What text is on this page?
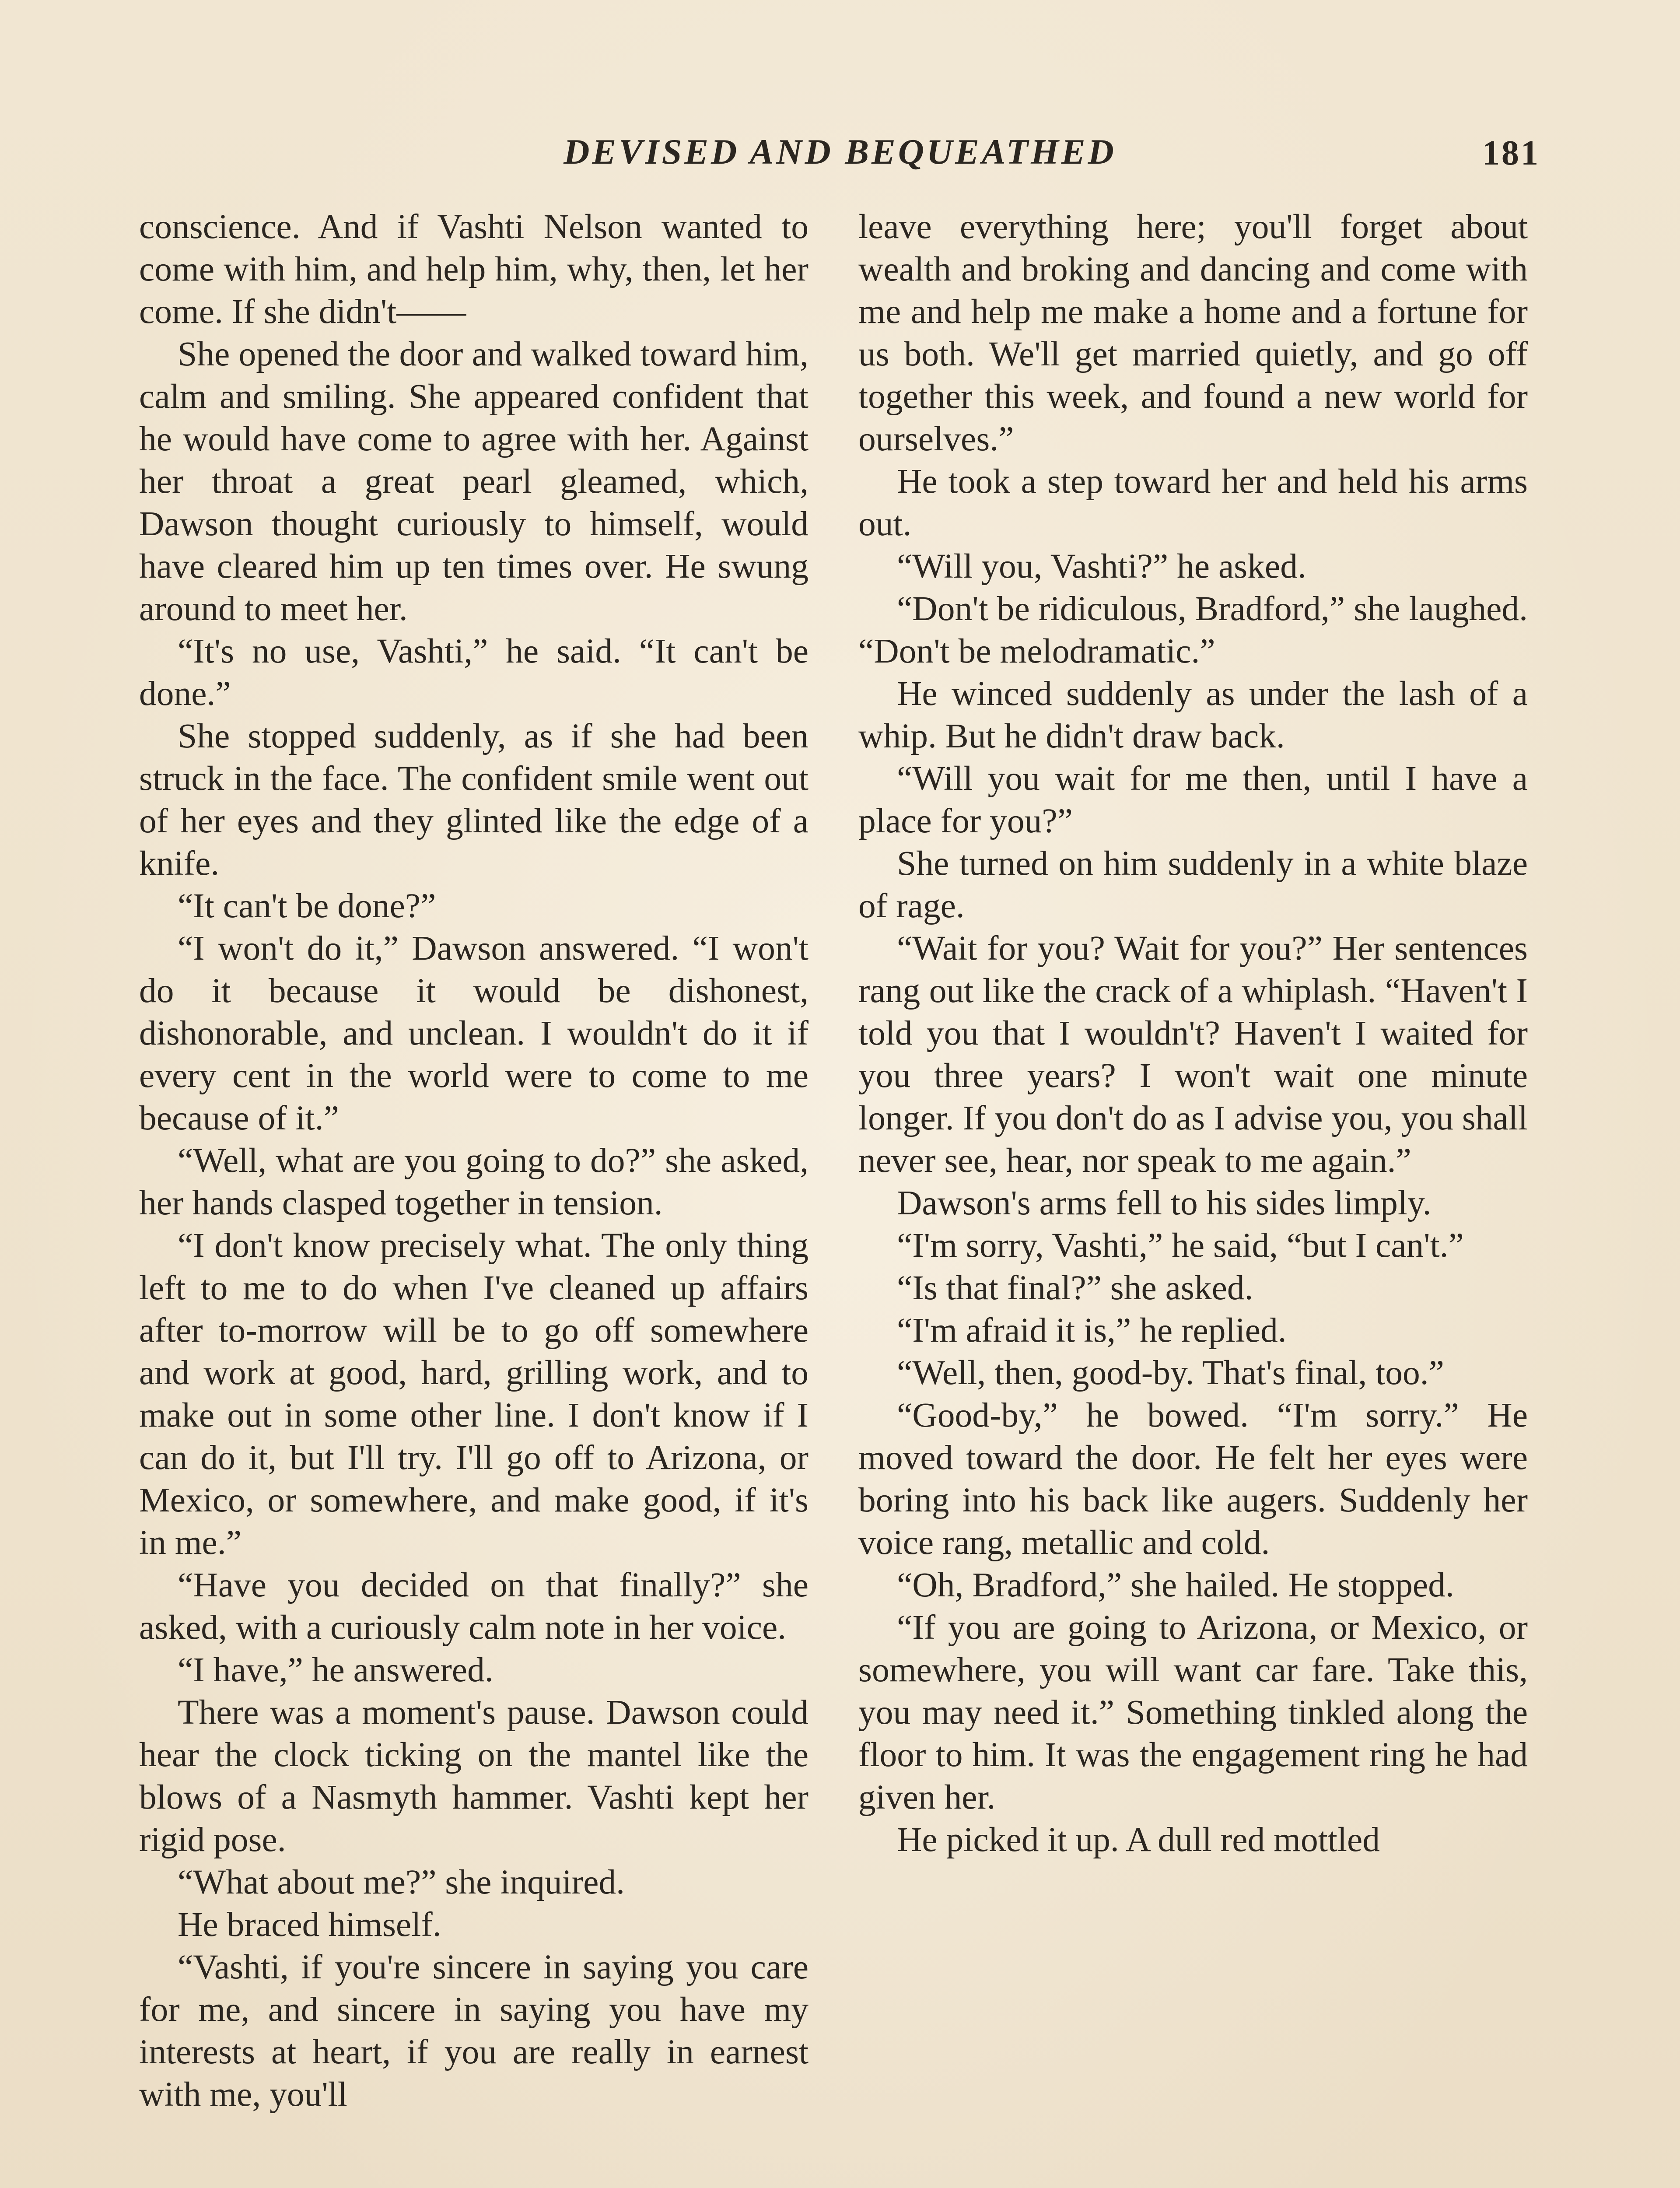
DEVISED AND BEQUEATHED	181

conscience. And if Vashti Nelson wanted to come with him, and help him, why, then, let her come. If she didn't——

She opened the door and walked toward him, calm and smiling. She appeared confident that he would have come to agree with her. Against her throat a great pearl gleamed, which, Dawson thought curiously to himself, would have cleared him up ten times over. He swung around to meet her.

“It's no use, Vashti,” he said. “It can't be done.”

She stopped suddenly, as if she had been struck in the face. The confident smile went out of her eyes and they glinted like the edge of a knife.

“It can't be done?”

“I won't do it,” Dawson answered. “I won't do it because it would be dishonest, dishonorable, and unclean. I wouldn't do it if every cent in the world were to come to me because of it.”

“Well, what are you going to do?” she asked, her hands clasped together in tension.

“I don't know precisely what. The only thing left to me to do when I've cleaned up affairs after to-morrow will be to go off somewhere and work at good, hard, grilling work, and to make out in some other line. I don't know if I can do it, but I'll try. I'll go off to Arizona, or Mexico, or somewhere, and make good, if it's in me.”

“Have you decided on that finally?” she asked, with a curiously calm note in her voice.

“I have,” he answered.

There was a moment's pause. Dawson could hear the clock ticking on the mantel like the blows of a Nasmyth hammer. Vashti kept her rigid pose.

“What about me?” she inquired.

He braced himself.

“Vashti, if you're sincere in saying you care for me, and sincere in saying you have my interests at heart, if you are really in earnest with me, you'll

leave everything here; you'll forget about wealth and broking and dancing and come with me and help me make a home and a fortune for us both. We'll get married quietly, and go off together this week, and found a new world for ourselves.”

He took a step toward her and held his arms out.

“Will you, Vashti?” he asked.

“Don't be ridiculous, Bradford,” she laughed. “Don't be melodramatic.”

He winced suddenly as under the lash of a whip. But he didn't draw back.

“Will you wait for me then, until I have a place for you?”

She turned on him suddenly in a white blaze of rage.

“Wait for you? Wait for you?” Her sentences rang out like the crack of a whiplash. “Haven't I told you that I wouldn't? Haven't I waited for you three years? I won't wait one minute longer. If you don't do as I advise you, you shall never see, hear, nor speak to me again.”

Dawson's arms fell to his sides limply.

“I'm sorry, Vashti,” he said, “but I can't.”

“Is that final?” she asked.

“I'm afraid it is,” he replied.

“Well, then, good-by. That's final, too.”

“Good-by,” he bowed. “I'm sorry.” He moved toward the door. He felt her eyes were boring into his back like augers. Suddenly her voice rang, metallic and cold.

“Oh, Bradford,” she hailed. He stopped.

“If you are going to Arizona, or Mexico, or somewhere, you will want car fare. Take this, you may need it.” Something tinkled along the floor to him. It was the engagement ring he had given her.

He picked it up. A dull red mottled
